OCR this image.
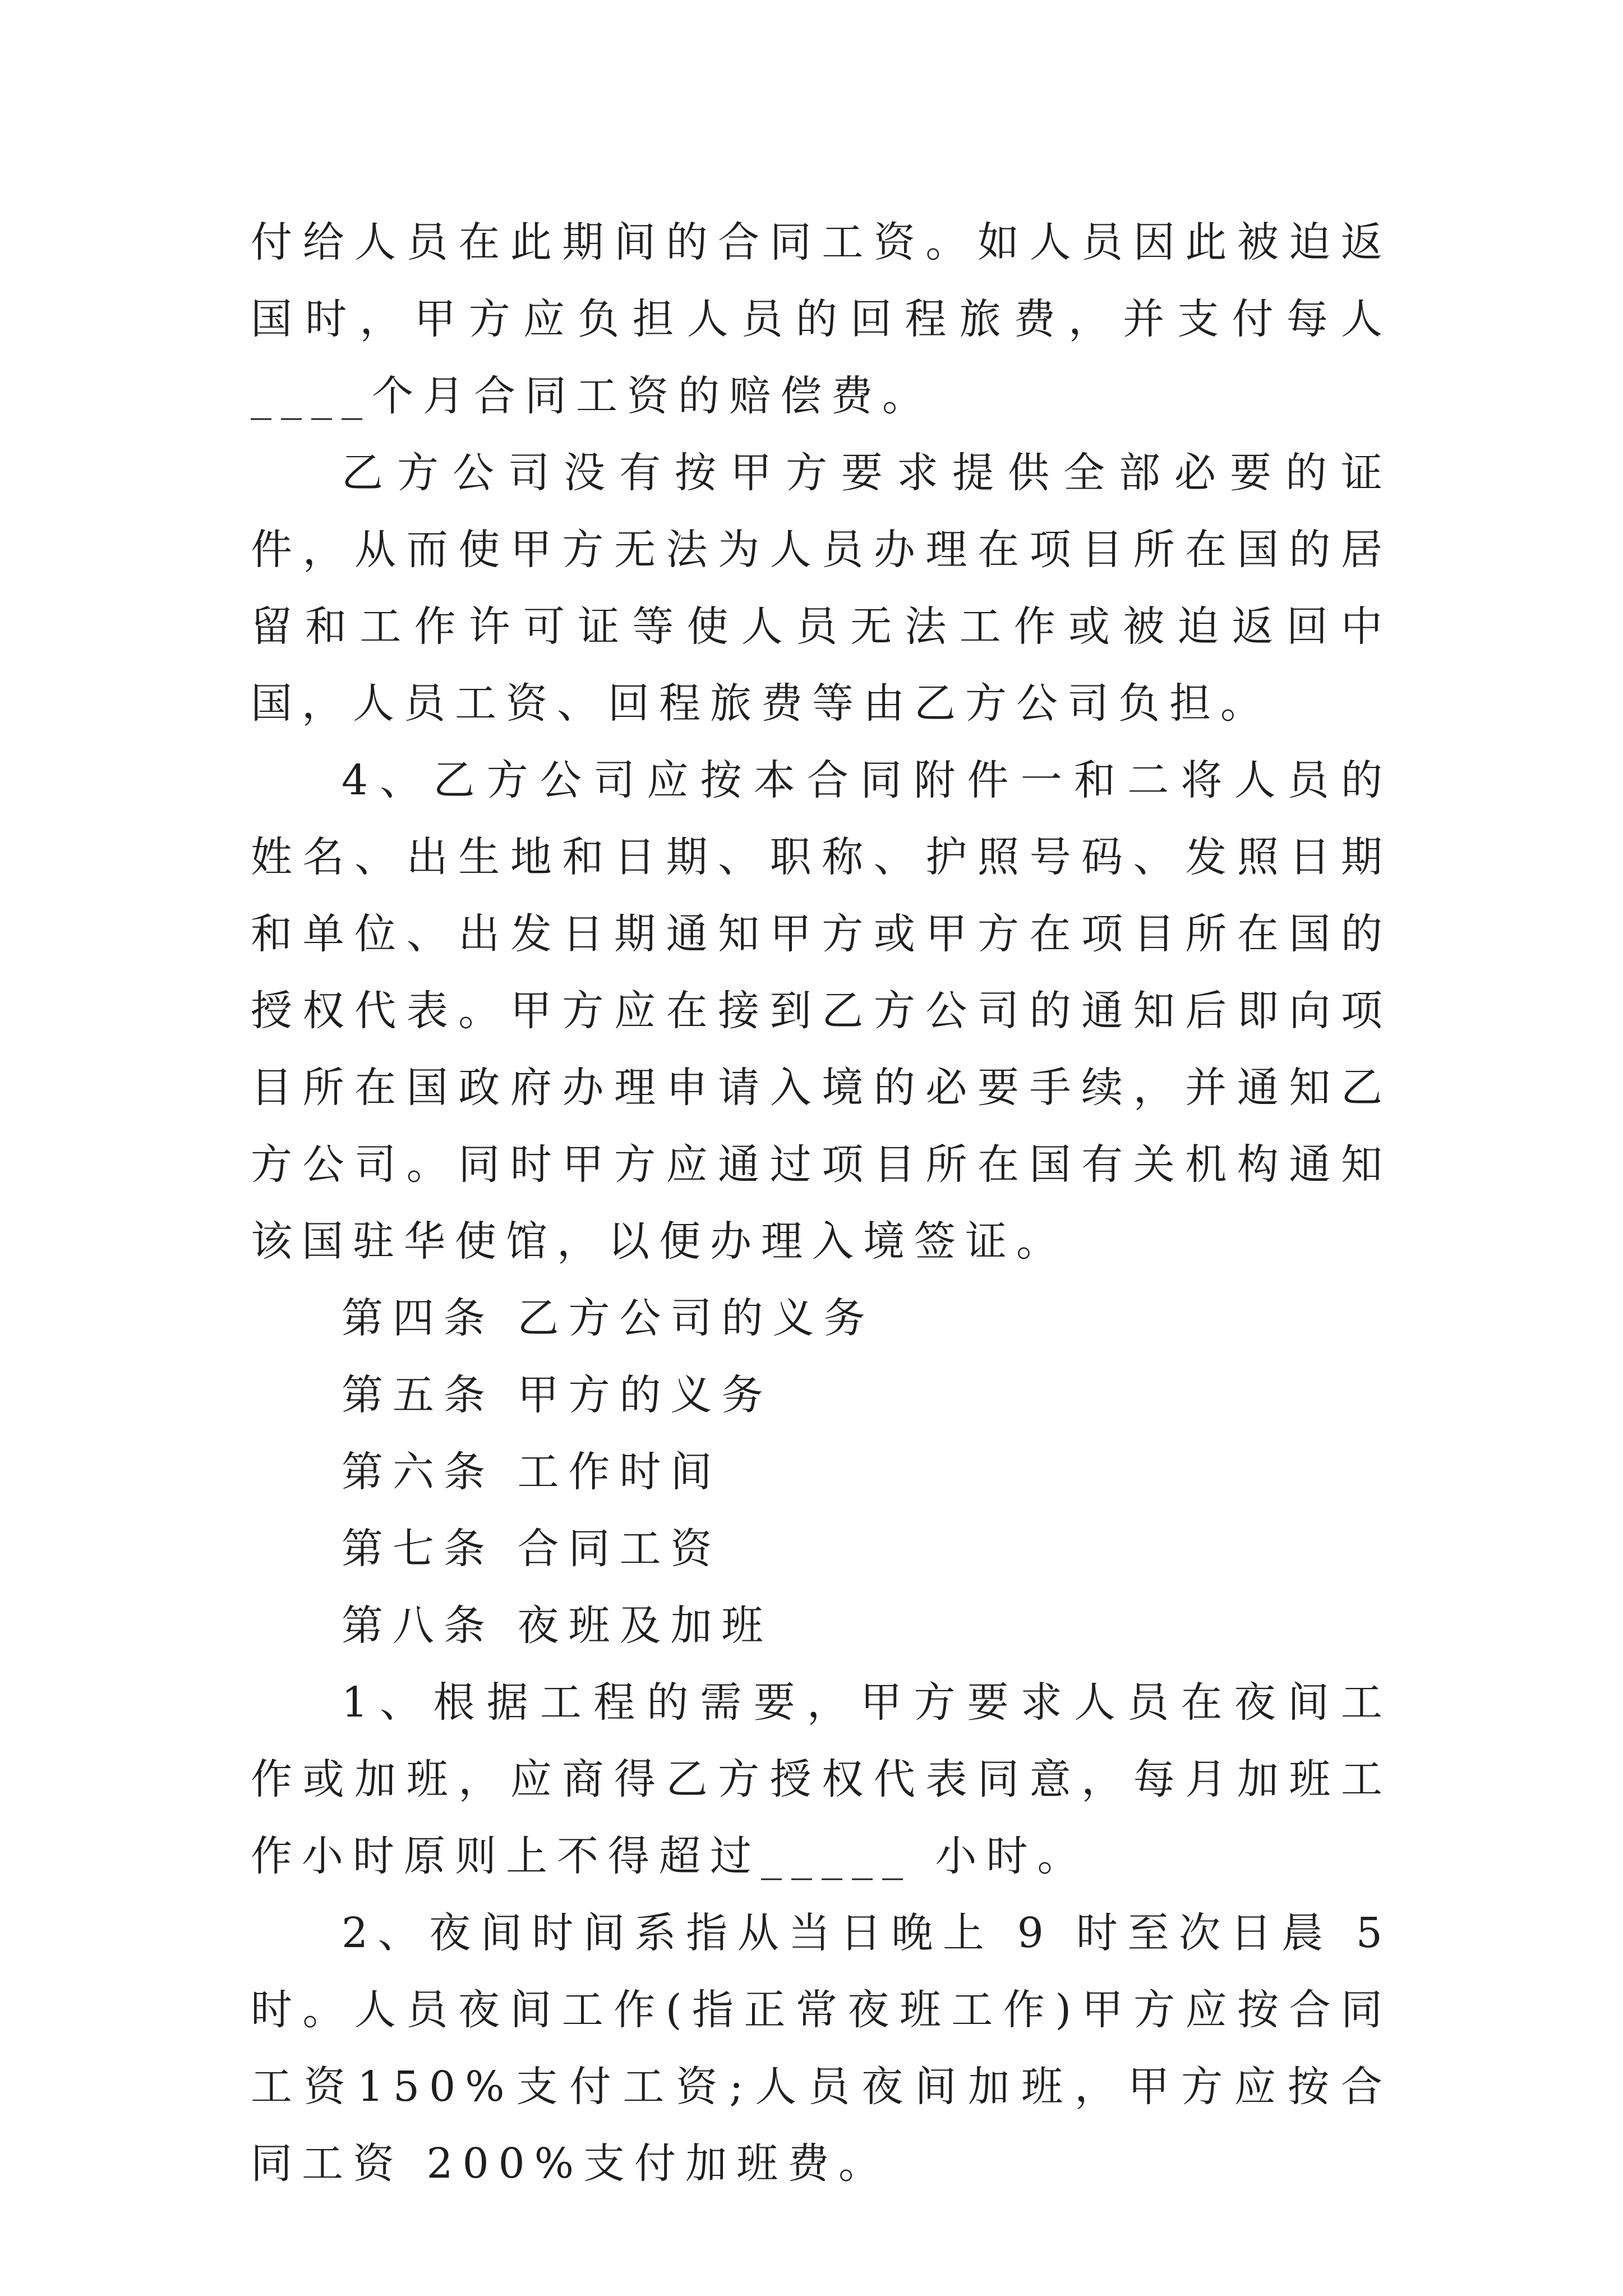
付给人员在此期间的合同工资。如人员因此被迫返国时，甲方应负担人员的回程旅费，并支付每人____个月合同工资的赔偿费。

乙方公司没有按甲方要求提供全部必要的证件，从而使甲方无法为人员办理在项目所在国的居留和工作许可证等使人员无法工作或被迫返回中国，人员工资、回程旅费等由乙方公司负担。

4、乙方公司应按本合同附件一和二将人员的姓名、出生地和日期、职称、护照号码、发照日期和单位、出发日期通知甲方或甲方在项目所在国的授权代表。甲方应在接到乙方公司的通知后即向项目所在国政府办理申请入境的必要手续，并通知乙方公司。同时甲方应通过项目所在国有关机构通知该国驻华使馆，以便办理入境签证。

第四条 乙方公司的义务

第五条 甲方的义务

第六条 工作时间

第七条 合同工资

第八条 夜班及加班

1、根据工程的需要，甲方要求人员在夜间工作或加班，应商得乙方授权代表同意，每月加班工作小时原则上不得超过_____ 小时。

2、夜间时间系指从当日晚上 9 时至次日晨 5 时。人员夜间工作(指正常夜班工作)甲方应按合同工资150%支付工资;人员夜间加班，甲方应按合同工资 200%支付加班费。
